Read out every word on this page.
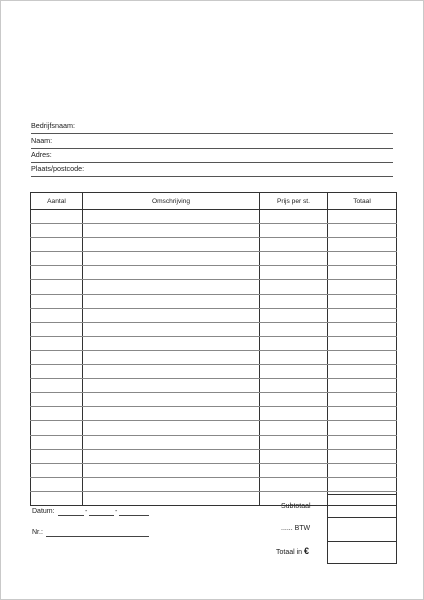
Bedrijfsnaam:
Naam:
Adres:
Plaats/postcode:
Aantal	Omschrijving	Prijs per st.	Totaal

Datum:	-	-
Nr.:
Subtotaal
...... BTW
Totaal in €
